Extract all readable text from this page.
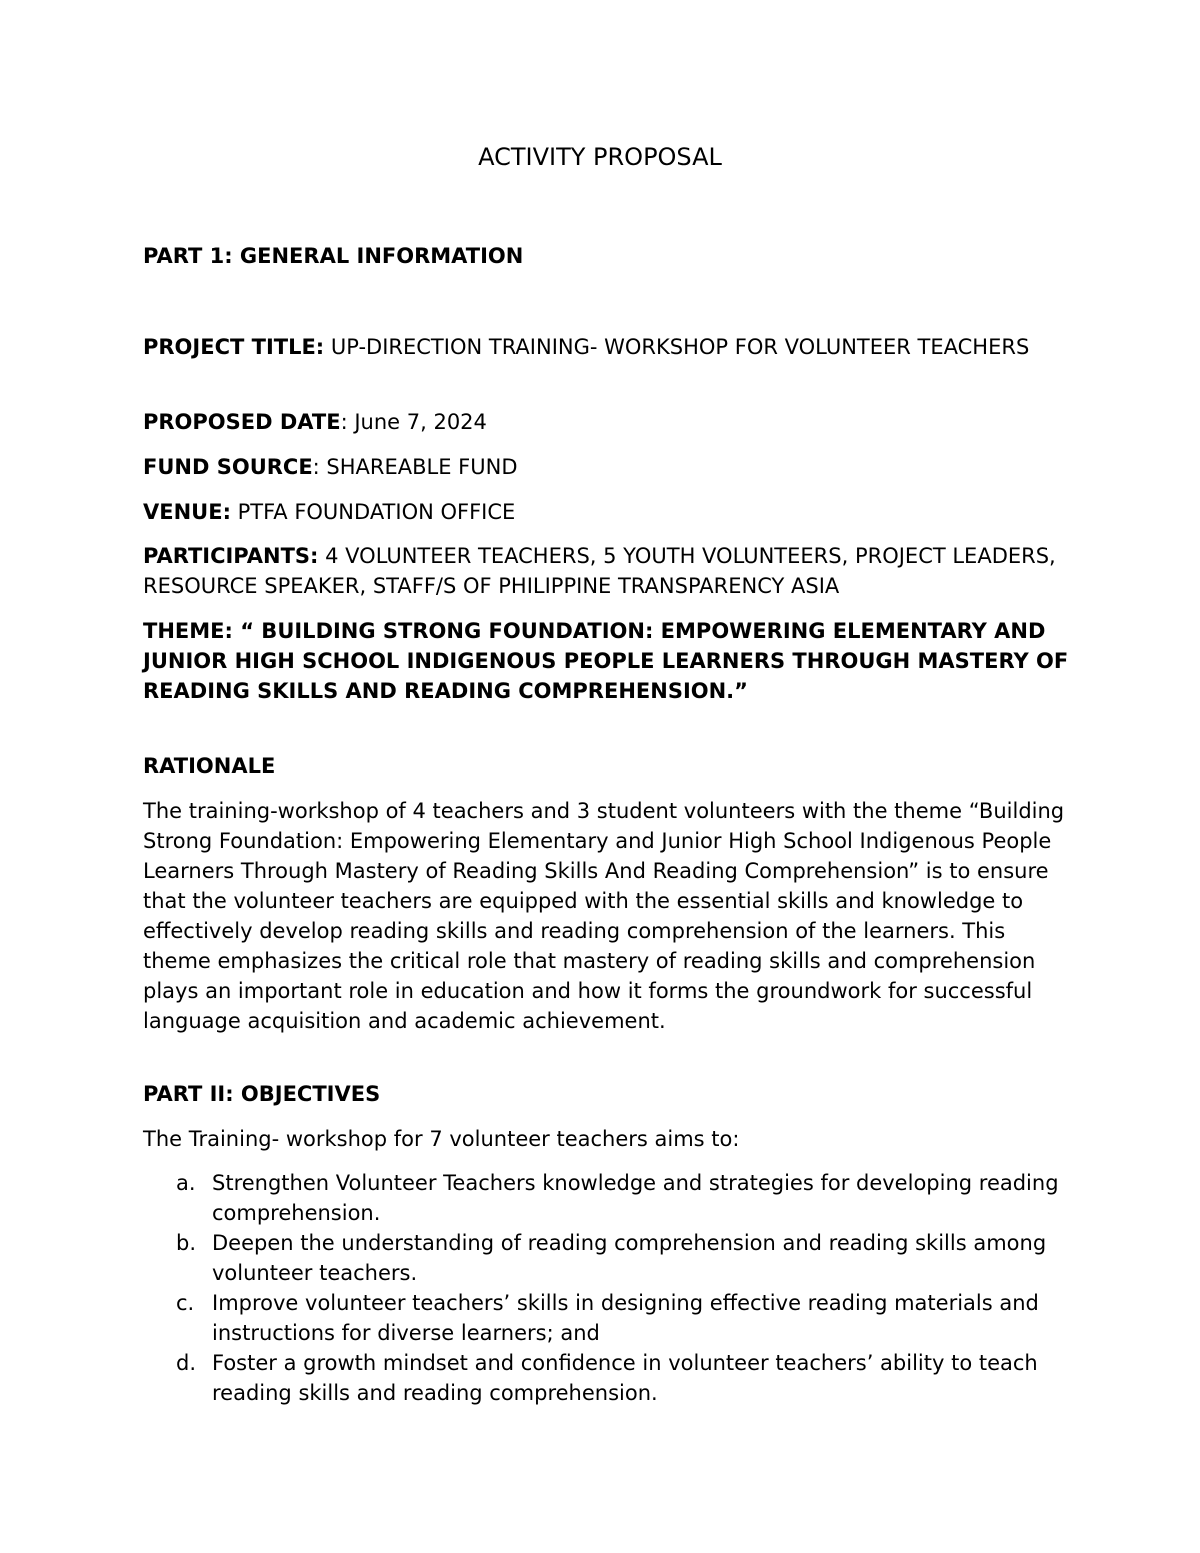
ACTIVITY PROPOSAL

PART 1: GENERAL INFORMATION

PROJECT TITLE: UP-DIRECTION TRAINING- WORKSHOP FOR VOLUNTEER TEACHERS

PROPOSED DATE: June 7, 2024

FUND SOURCE: SHAREABLE FUND

VENUE: PTFA FOUNDATION OFFICE

PARTICIPANTS: 4 VOLUNTEER TEACHERS, 5 YOUTH VOLUNTEERS, PROJECT LEADERS, RESOURCE SPEAKER, STAFF/S OF PHILIPPINE TRANSPARENCY ASIA

THEME: “ BUILDING STRONG FOUNDATION: EMPOWERING ELEMENTARY AND JUNIOR HIGH SCHOOL INDIGENOUS PEOPLE LEARNERS THROUGH MASTERY OF READING SKILLS AND READING COMPREHENSION.”

RATIONALE

The training-workshop of 4 teachers and 3 student volunteers with the theme “Building Strong Foundation: Empowering Elementary and Junior High School Indigenous People Learners Through Mastery of Reading Skills And Reading Comprehension” is to ensure that the volunteer teachers are equipped with the essential skills and knowledge to effectively develop reading skills and reading comprehension of the learners. This theme emphasizes the critical role that mastery of reading skills and comprehension plays an important role in education and how it forms the groundwork for successful language acquisition and academic achievement.

PART II: OBJECTIVES

The Training- workshop for 7 volunteer teachers aims to:

a. Strengthen Volunteer Teachers knowledge and strategies for developing reading comprehension.
b. Deepen the understanding of reading comprehension and reading skills among volunteer teachers.
c. Improve volunteer teachers’ skills in designing effective reading materials and instructions for diverse learners; and
d. Foster a growth mindset and confidence in volunteer teachers’ ability to teach reading skills and reading comprehension.
